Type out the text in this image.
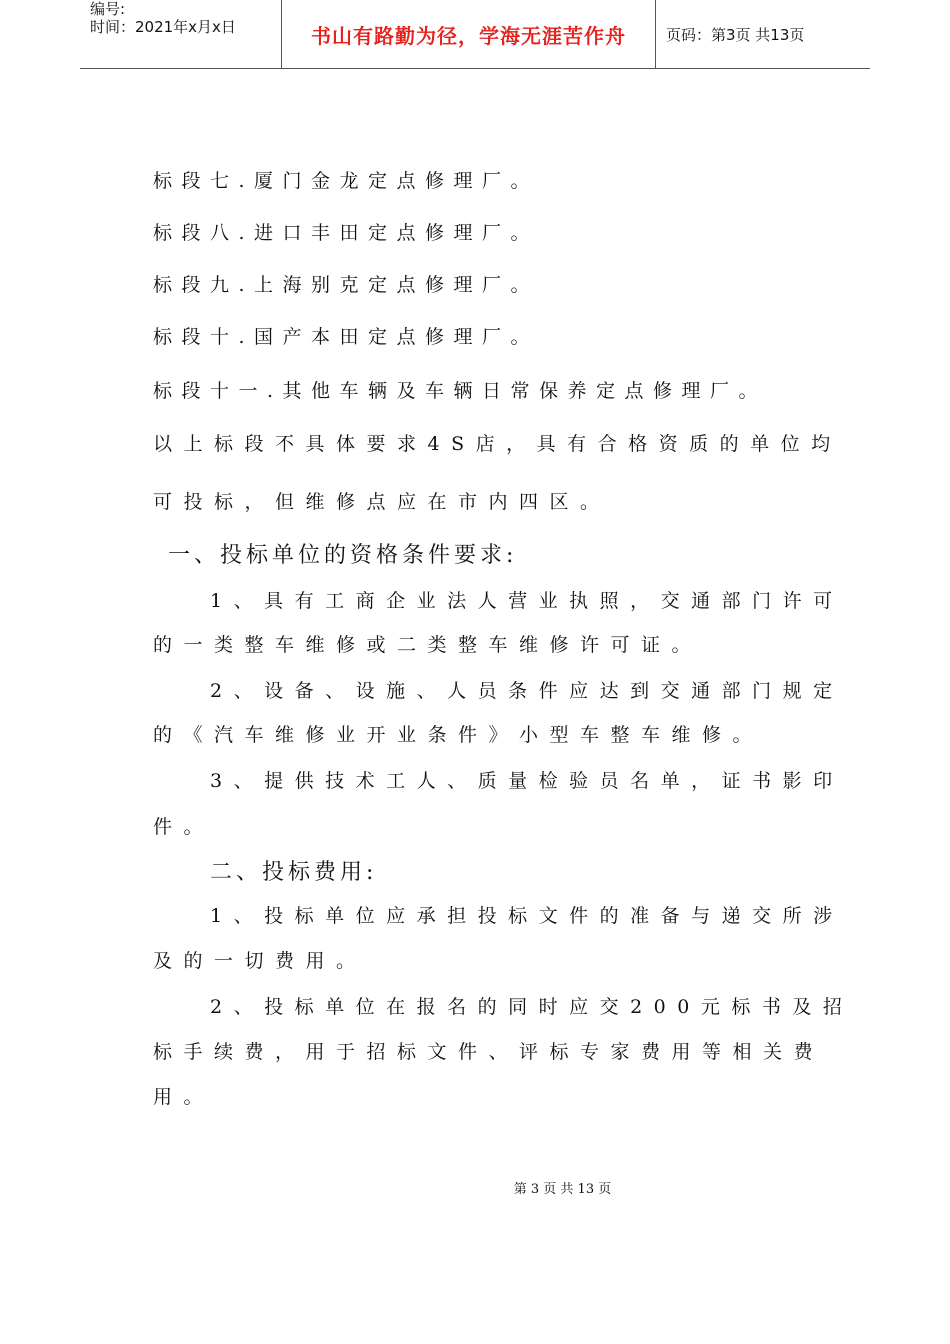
编号:
时间：2021年x月x日	书山有路勤为径，学海无涯苦作舟	页码：第3页 共13页
标段七.厦门金龙定点修理厂。
标段八.进口丰田定点修理厂。
标段九.上海别克定点修理厂。
标段十.国产本田定点修理厂。
标段十一.其他车辆及车辆日常保养定点修理厂。
以上标段不具体要求4S店，具有合格资质的单位均
可投标，但维修点应在市内四区。
一、投标单位的资格条件要求:
1、具有工商企业法人营业执照，交通部门许可
的一类整车维修或二类整车维修许可证。
2、设备、设施、人员条件应达到交通部门规定
的《汽车维修业开业条件》小型车整车维修。
3、提供技术工人、质量检验员名单，证书影印
件。
二、投标费用:
1、投标单位应承担投标文件的准备与递交所涉
及的一切费用。
2、投标单位在报名的同时应交200元标书及招
标手续费，用于招标文件、评标专家费用等相关费
用。
第 3 页 共 13 页
